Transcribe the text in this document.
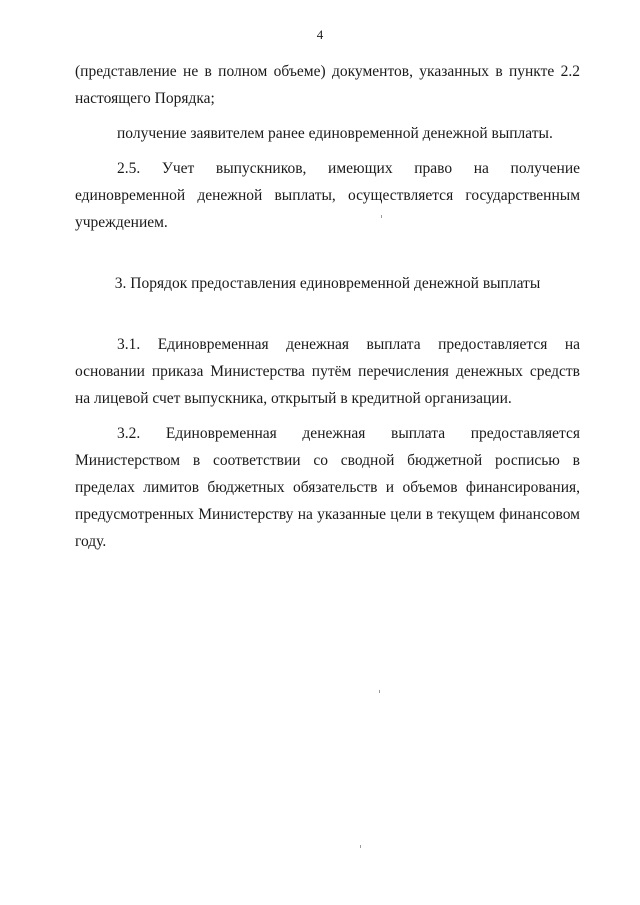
4

(представление не в полном объеме) документов, указанных в пункте 2.2 настоящего Порядка;

получение заявителем ранее единовременной денежной выплаты.

2.5. Учет выпускников, имеющих право на получение единовременной денежной выплаты, осуществляется государственным учреждением.

3. Порядок предоставления единовременной денежной выплаты

3.1. Единовременная денежная выплата предоставляется на основании приказа Министерства путём перечисления денежных средств на лицевой счет выпускника, открытый в кредитной организации.

3.2. Единовременная денежная выплата предоставляется Министерством в соответствии со сводной бюджетной росписью в пределах лимитов бюджетных обязательств и объемов финансирования, предусмотренных Министерству на указанные цели в текущем финансовом году.
